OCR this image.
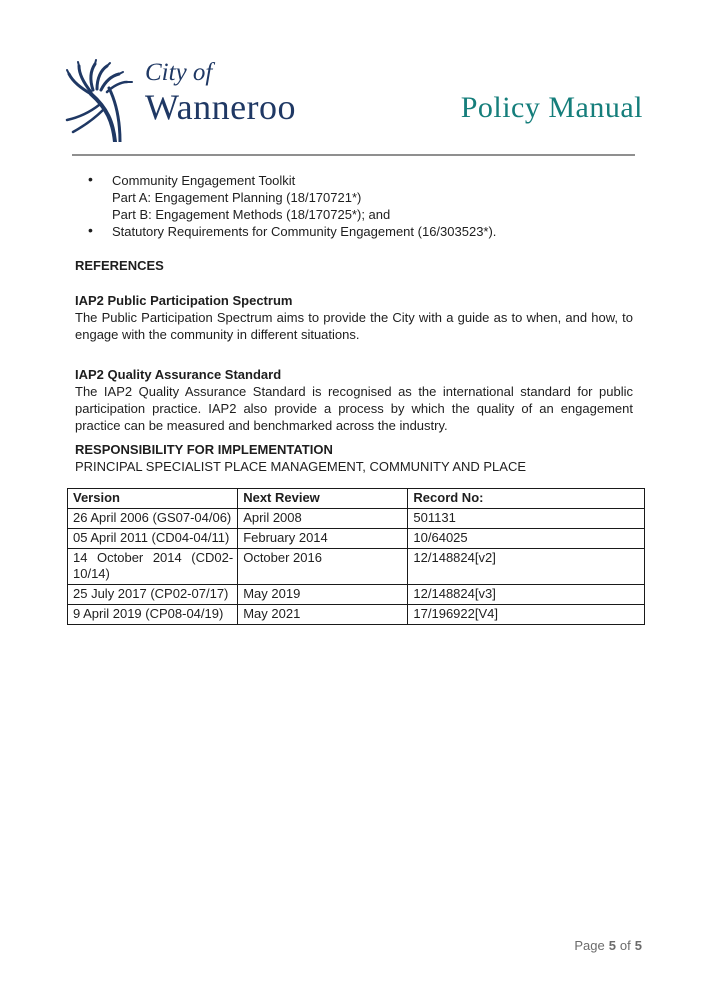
City of
Wanneroo	Policy Manual
• Community Engagement Toolkit
Part A: Engagement Planning (18/170721*)
Part B: Engagement Methods (18/170725*); and
• Statutory Requirements for Community Engagement (16/303523*).
REFERENCES
IAP2 Public Participation Spectrum

The Public Participation Spectrum aims to provide the City with a guide as to when, and how, to engage with the community in different situations.

IAP2 Quality Assurance Standard

The IAP2 Quality Assurance Standard is recognised as the international standard for public participation practice. IAP2 also provide a process by which the quality of an engagement practice can be measured and benchmarked across the industry.

RESPONSIBILITY FOR IMPLEMENTATION

PRINCIPAL SPECIALIST PLACE MANAGEMENT, COMMUNITY AND PLACE

Version	Next Review	Record No:
26 April 2006 (GS07-04/06)	April 2008	501131
05 April 2011 (CD04-04/11)	February 2014	10/64025
14 October 2014 (CD02-10/14)	October 2016	12/148824[v2]
25 July 2017 (CP02-07/17)	May 2019	12/148824[v3]
9 April 2019 (CP08-04/19)	May 2021	17/196922[V4]
Page 5 of 5
